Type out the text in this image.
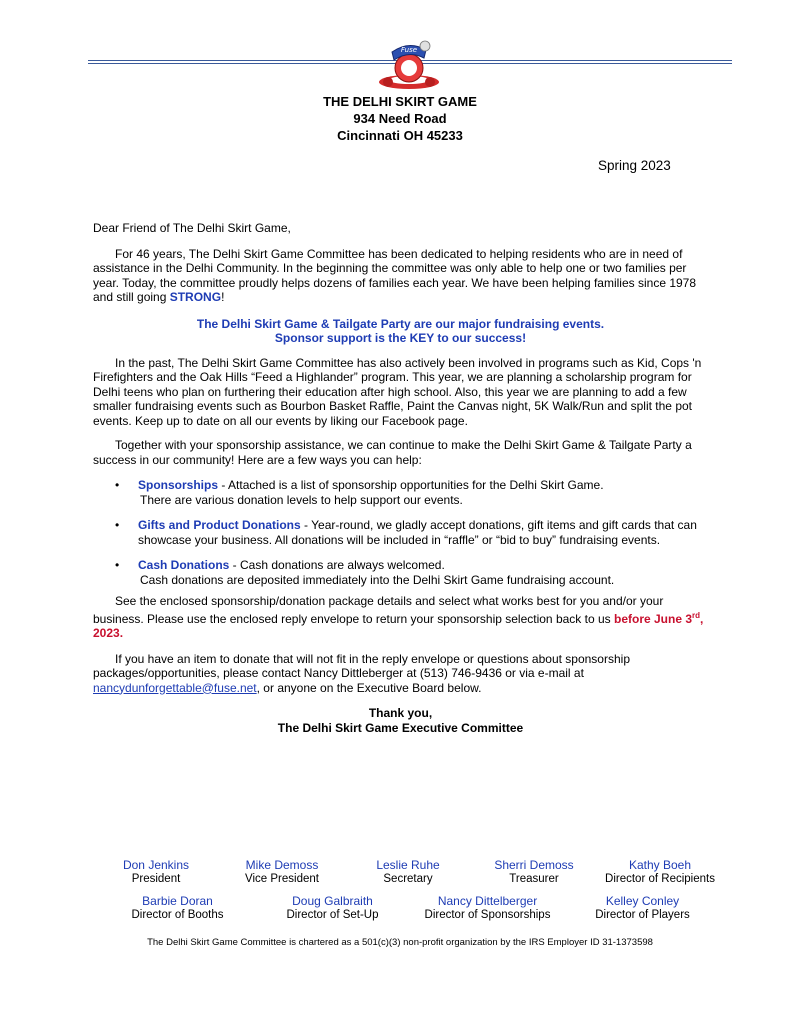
Fuse
THE DELHI SKIRT GAME
934 Need Road
Cincinnati OH 45233
Spring 2023

Dear Friend of The Delhi Skirt Game,

For 46 years, The Delhi Skirt Game Committee has been dedicated to helping residents who are in need of assistance in the Delhi Community. In the beginning the committee was only able to help one or two families per year. Today, the committee proudly helps dozens of families each year. We have been helping families since 1978 and still going STRONG!

The Delhi Skirt Game & Tailgate Party are our major fundraising events.
Sponsor support is the KEY to our success!

In the past, The Delhi Skirt Game Committee has also actively been involved in programs such as Kid, Cops 'n Firefighters and the Oak Hills “Feed a Highlander” program. This year, we are planning a scholarship program for Delhi teens who plan on furthering their education after high school. Also, this year we are planning to add a few smaller fundraising events such as Bourbon Basket Raffle, Paint the Canvas night, 5K Walk/Run and split the pot events. Keep up to date on all our events by liking our Facebook page.

Together with your sponsorship assistance, we can continue to make the Delhi Skirt Game & Tailgate Party a success in our community! Here are a few ways you can help:

• Sponsorships - Attached is a list of sponsorship opportunities for the Delhi Skirt Game.
There are various donation levels to help support our events.
• Gifts and Product Donations - Year-round, we gladly accept donations, gift items and gift cards that can showcase your business. All donations will be included in “raffle” or “bid to buy” fundraising events.
• Cash Donations - Cash donations are always welcomed.
Cash donations are deposited immediately into the Delhi Skirt Game fundraising account.

See the enclosed sponsorship/donation package details and select what works best for you and/or your business. Please use the enclosed reply envelope to return your sponsorship selection back to us before June 3rd, 2023.

If you have an item to donate that will not fit in the reply envelope or questions about sponsorship packages/opportunities, please contact Nancy Dittleberger at (513) 746-9436 or via e-mail at nancydunforgettable@fuse.net, or anyone on the Executive Board below.

Thank you,
The Delhi Skirt Game Executive Committee
Don Jenkins
President
Mike Demoss
Vice President
Leslie Ruhe
Secretary
Sherri Demoss
Treasurer
Kathy Boeh
Director of Recipients
Barbie Doran
Director of Booths
Doug Galbraith
Director of Set-Up
Nancy Dittelberger
Director of Sponsorships
Kelley Conley
Director of Players
The Delhi Skirt Game Committee is chartered as a 501(c)(3) non-profit organization by the IRS Employer ID 31-1373598
